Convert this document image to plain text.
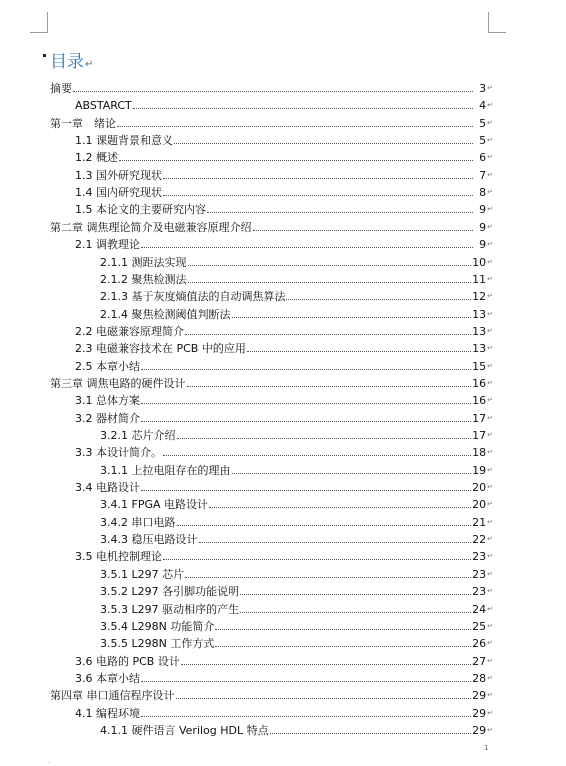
目录↵
摘要	3 ↵
ABSTARCT	4 ↵
第一章　绪论	5 ↵
1.1 课题背景和意义	5 ↵
1.2 概述	6 ↵
1.3 国外研究现状	7 ↵
1.4 国内研究现状	8 ↵
1.5 本论文的主要研究内容	9 ↵
第二章 调焦理论简介及电磁兼容原理介绍	9 ↵
2.1 调教理论	9 ↵
2.1.1 测距法实现	10 ↵
2.1.2 聚焦检测法	11 ↵
2.1.3 基于灰度熵值法的自动调焦算法	12 ↵
2.1.4 聚焦检测阈值判断法	13 ↵
2.2 电磁兼容原理简介	13 ↵
2.3 电磁兼容技术在 PCB 中的应用	13 ↵
2.5 本章小结	15 ↵
第三章 调焦电路的硬件设计	16 ↵
3.1 总体方案	16 ↵
3.2 器材简介	17 ↵
3.2.1 芯片介绍	17 ↵
3.3 本设计简介。	18 ↵
3.1.1 上拉电阻存在的理由	19 ↵
3.4 电路设计	20 ↵
3.4.1 FPGA 电路设计	20 ↵
3.4.2 串口电路	21 ↵
3.4.3 稳压电路设计	22 ↵
3.5 电机控制理论	23 ↵
3.5.1 L297 芯片	23 ↵
3.5.2 L297 各引脚功能说明	23 ↵
3.5.3 L297 驱动相序的产生	24 ↵
3.5.4 L298N 功能简介	25 ↵
3.5.5 L298N 工作方式	26 ↵
3.6 电路的 PCB 设计	27 ↵
3.6 本章小结	28 ↵
第四章 串口通信程序设计	29 ↵
4.1 编程环境	29 ↵
4.1.1 硬件语言 Verilog HDL 特点	29 ↵
1
.
